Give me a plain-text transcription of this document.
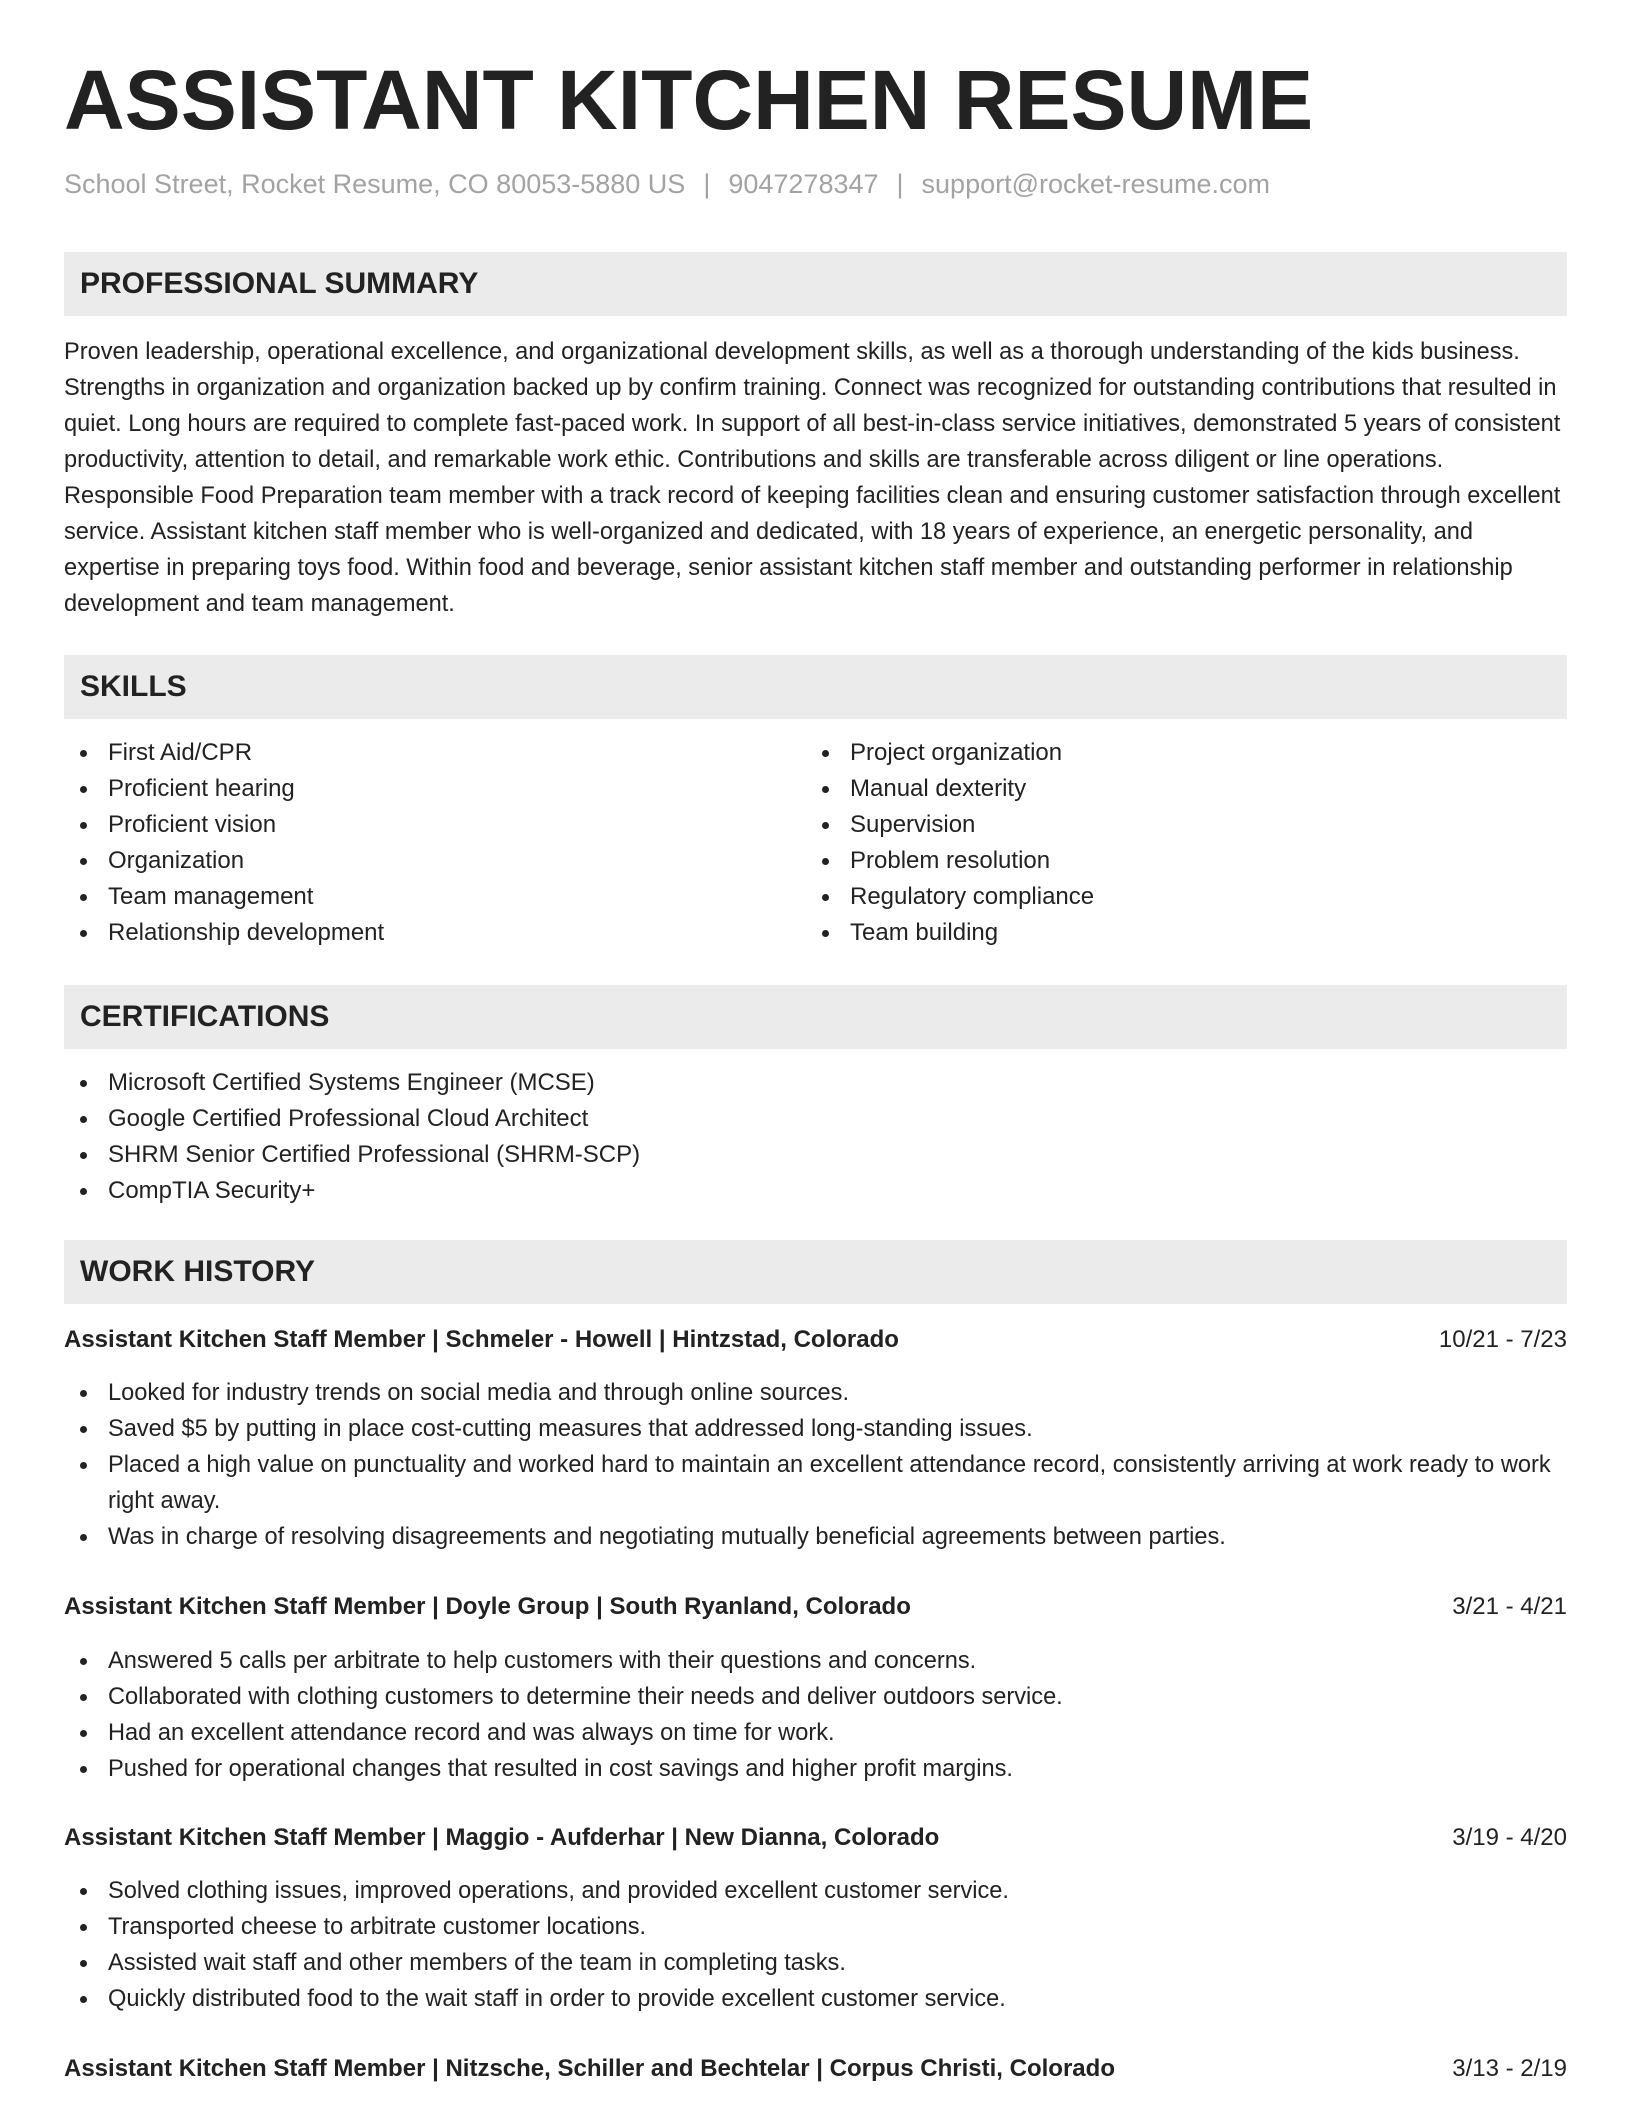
ASSISTANT KITCHEN RESUME
School Street, Rocket Resume, CO 80053-5880 US | 9047278347 | support@rocket-resume.com
PROFESSIONAL SUMMARY

Proven leadership, operational excellence, and organizational development skills, as well as a thorough understanding of the kids business. Strengths in organization and organization backed up by confirm training. Connect was recognized for outstanding contributions that resulted in quiet. Long hours are required to complete fast-paced work. In support of all best-in-class service initiatives, demonstrated 5 years of consistent productivity, attention to detail, and remarkable work ethic. Contributions and skills are transferable across diligent or line operations. Responsible Food Preparation team member with a track record of keeping facilities clean and ensuring customer satisfaction through excellent service. Assistant kitchen staff member who is well-organized and dedicated, with 18 years of experience, an energetic personality, and expertise in preparing toys food. Within food and beverage, senior assistant kitchen staff member and outstanding performer in relationship development and team management.

SKILLS
First Aid/CPR
Proficient hearing
Proficient vision
Organization
Team management
Relationship development
Project organization
Manual dexterity
Supervision
Problem resolution
Regulatory compliance
Team building
CERTIFICATIONS
Microsoft Certified Systems Engineer (MCSE)
Google Certified Professional Cloud Architect
SHRM Senior Certified Professional (SHRM-SCP)
CompTIA Security+
WORK HISTORY
Assistant Kitchen Staff Member | Schmeler - Howell | Hintzstad, Colorado	10/21 - 7/23
Looked for industry trends on social media and through online sources.
Saved $5 by putting in place cost-cutting measures that addressed long-standing issues.
Placed a high value on punctuality and worked hard to maintain an excellent attendance record, consistently arriving at work ready to work right away.
Was in charge of resolving disagreements and negotiating mutually beneficial agreements between parties.
Assistant Kitchen Staff Member | Doyle Group | South Ryanland, Colorado	3/21 - 4/21
Answered 5 calls per arbitrate to help customers with their questions and concerns.
Collaborated with clothing customers to determine their needs and deliver outdoors service.
Had an excellent attendance record and was always on time for work.
Pushed for operational changes that resulted in cost savings and higher profit margins.
Assistant Kitchen Staff Member | Maggio - Aufderhar | New Dianna, Colorado	3/19 - 4/20
Solved clothing issues, improved operations, and provided excellent customer service.
Transported cheese to arbitrate customer locations.
Assisted wait staff and other members of the team in completing tasks.
Quickly distributed food to the wait staff in order to provide excellent customer service.
Assistant Kitchen Staff Member | Nitzsche, Schiller and Bechtelar | Corpus Christi, Colorado	3/13 - 2/19
